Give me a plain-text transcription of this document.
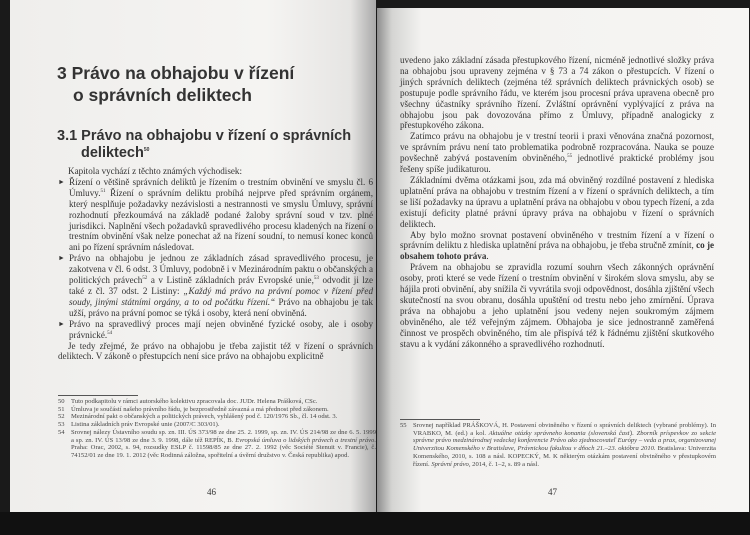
3 Právo na obhajobu v řízení
o správních deliktech
3.1 Právo na obhajobu v řízení o správních
deliktech$^{50}$

Kapitola vychází z těchto známých východisek:

► Řízení o většině správních deliktů je řízením o trestním obvinění ve smyslu čl. 6 Úmluvy.$^{51}$ Řízení o správním deliktu probíhá nejprve před správním orgánem, který nesplňuje požadavky nezávislosti a nestrannosti ve smyslu Úmluvy, správní rozhodnutí přezkoumává na základě podané žaloby správní soud v tzv. plné jurisdikci. Naplnění všech požadavků spravedlivého procesu kladených na řízení o trestním obvinění však nelze ponechat až na řízení soudní, to nemusí konec konců ani po řízení správním následovat.

► Právo na obhajobu je jednou ze základních zásad spravedlivého procesu, je zakotvena v čl. 6 odst. 3 Úmluvy, podobně i v Mezinárodním paktu o občanských a politických právech$^{52}$ a v Listině základních práv Evropské unie,$^{53}$ odvodit ji lze také z čl. 37 odst. 2 Listiny: „Každý má právo na právní pomoc v řízení před soudy, jinými státními orgány, a to od počátku řízení.“ Právo na obhajobu je tak užší, právo na právní pomoc se týká i osoby, která není obviněná.

► Právo na spravedlivý proces mají nejen obviněné fyzické osoby, ale i osoby právnické.$^{54}$

Je tedy zřejmé, že právo na obhajobu je třeba zajistit též v řízení o správních deliktech. V zákoně o přestupcích není sice právo na obhajobu explicitně

50 Tuto podkapitolu v rámci autorského kolektivu zpracovala doc. JUDr. Helena Prášková, CSc.
51 Úmluva je součástí našeho právního řádu, je bezprostředně závazná a má přednost před zákonem.
52 Mezinárodní pakt o občanských a politických právech, vyhlášený pod č. 120/1976 Sb., čl. 14 odst. 3.
53 Listina základních práv Evropské unie (2007/C 303/01).
54 Srovnej nálezy Ústavního soudu sp. zn. III. ÚS 373/98 ze dne 25. 2. 1999, sp. zn. IV. ÚS 214/98 ze dne 6. 5. 1999 a sp. zn. IV. ÚS 13/98 ze dne 3. 9. 1998, dále též REPÍK, B. Evropská úmluva o lidských právech a trestní právo. Praha: Orac, 2002, s. 94, rozsudky ESLP č. 11598/85 ze dne 27. 2. 1992 (věc Société Stenuit v. Francie), č. 74152/01 ze dne 19. 1. 2012 (věc Rodinná záložna, spořitelní a úvěrní družstvo v. Česká republika) apod.
46

uvedeno jako základní zásada přestupkového řízení, nicméně jednotlivé složky práva na obhajobu jsou upraveny zejména v § 73 a 74 zákon o přestupcích. V řízení o jiných správních deliktech (zejména též správních deliktech právnických osob) se postupuje podle správního řádu, ve kterém jsou procesní práva upravena obecně pro všechny účastníky správního řízení. Zvláštní oprávnění vyplývající z práva na obhajobu jsou pak dovozována přímo z Úmluvy, případně analogicky z přestupkového zákona.

Zatímco právu na obhajobu je v trestní teorii i praxi věnována značná pozornost, ve správním právu není tato problematika podrobně rozpracována. Nauka se pouze povšechně zabývá postavením obviněného,$^{55}$ jednotlivé praktické problémy jsou řešeny spíše judikaturou.

Základními dvěma otázkami jsou, zda má obviněný rozdílné postavení z hlediska uplatnění práva na obhajobu v trestním řízení a v řízení o správních deliktech, a tím se liší požadavky na úpravu a uplatnění práva na obhajobu v obou typech řízení, a zda existují deficity platné právní úpravy práva na obhajobu v řízení o správních deliktech.

Aby bylo možno srovnat postavení obviněného v trestním řízení a v řízení o správním deliktu z hlediska uplatnění práva na obhajobu, je třeba stručně zmínit, co je obsahem tohoto práva.

Právem na obhajobu se zpravidla rozumí souhrn všech zákonných oprávnění osoby, proti které se vede řízení o trestním obvinění v širokém slova smyslu, aby se hájila proti obvinění, aby snížila či vyvrátila svoji odpovědnost, dosáhla zjištění všech skutečností na svou obranu, dosáhla upuštění od trestu nebo jeho zmírnění. Úprava práva na obhajobu a jeho uplatnění jsou vedeny nejen soukromým zájmem obviněného, ale též veřejným zájmem. Obhajoba je sice jednostranně zaměřená činnost ve prospěch obviněného, tím ale přispívá též k řádnému zjištění skutkového stavu a k vydání zákonného a spravedlivého rozhodnutí.

55 Srovnej například PRÁŠKOVÁ, H. Postavení obviněného v řízení o správních deliktech (vybrané problémy). In VRABKO, M. (ed.) a kol. Aktuálne otázky správneho konania (slovenská časť). Zborník príspevkov zo sekcie správne právo medzinárodnej vedeckej konferencie Právo ako zjednocovateľ Európy – veda a prax, organizovanej Univerzitou Komenského v Bratislave, Právnickou fakultou v dňoch 21.–23. októbra 2010. Bratislava: Univerzita Komenského, 2010, s. 108 a násl. KOPECKÝ, M. K některým otázkám postavení obviněného v přestupkovém řízení. Správní právo, 2014, č. 1–2, s. 89 a násl.
47
